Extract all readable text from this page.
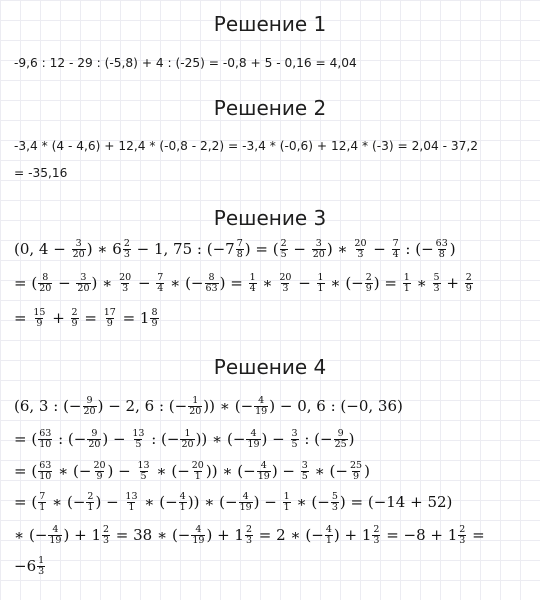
Решение 1
-9,6 : 12 - 29 : (-5,8) + 4 : (-25) = -0,8 + 5 - 0,16 = 4,04
Решение 2
-3,4 * (4 - 4,6) + 12,4 * (-0,8 - 2,2) = -3,4 * (-0,6) + 12,4 * (-3) = 2,04 - 37,2
= -35,16
Решение 3
(0, $4 - \frac{3}{20}$ ) ∗ $6 \frac{2}{3} - 1$, 75 : ($-7 \frac{7}{8}$ ) = ( $\frac{2}{5} - \frac{3}{20}$ ) ∗ $\frac{20}{3} - \frac{7}{4}$ : (− $\frac{63}{8}$ )
= ( $\frac{8}{20} - \frac{3}{20}$ ) ∗ $\frac{20}{3} - \frac{7}{4}$ ∗ (− $\frac{8}{63}$ ) = $\frac{1}{4}$ ∗ $\frac{20}{3} - \frac{1}{1}$ ∗ (− $\frac{2}{9}$ ) = $\frac{1}{1}$ ∗ $\frac{5}{3} + \frac{2}{9}$
= $\frac{15}{9} + \frac{2}{9} = \frac{17}{9} = 1 \frac{8}{9}$
Решение 4
(6, 3 : (− $\frac{9}{20}$ ) − 2, 6 : (− $\frac{1}{20}$ )) ∗ (− $\frac{4}{19}$ ) − 0, 6 : (−0, 36)
= ( $\frac{63}{10}$ : (− $\frac{9}{20}$ ) − $\frac{13}{5}$ : (− $\frac{1}{20}$ )) ∗ (− $\frac{4}{19}$ ) − $\frac{3}{5}$ : (− $\frac{9}{25}$ )
= ( $\frac{63}{10}$ ∗ (− $\frac{20}{9}$ ) − $\frac{13}{5}$ ∗ (− $\frac{20}{1}$ )) ∗ (− $\frac{4}{19}$ ) − $\frac{3}{5}$ ∗ (− $\frac{25}{9}$ )
= ( $\frac{7}{1}$ ∗ (− $\frac{2}{1}$ ) − $\frac{13}{1}$ ∗ (− $\frac{4}{1}$ )) ∗ (− $\frac{4}{19}$ ) − $\frac{1}{1}$ ∗ (− $\frac{5}{3}$ ) = (−14 + 52)
∗ (− $\frac{4}{19}$ ) + $1 \frac{2}{3} = 38$ ∗ (− $\frac{4}{19}$ ) + $1 \frac{2}{3} = 2$ ∗ (− $\frac{4}{1}$ ) + $1 \frac{2}{3} = -8 + 1 \frac{2}{3}$ =
$-6 \frac{1}{3}$
